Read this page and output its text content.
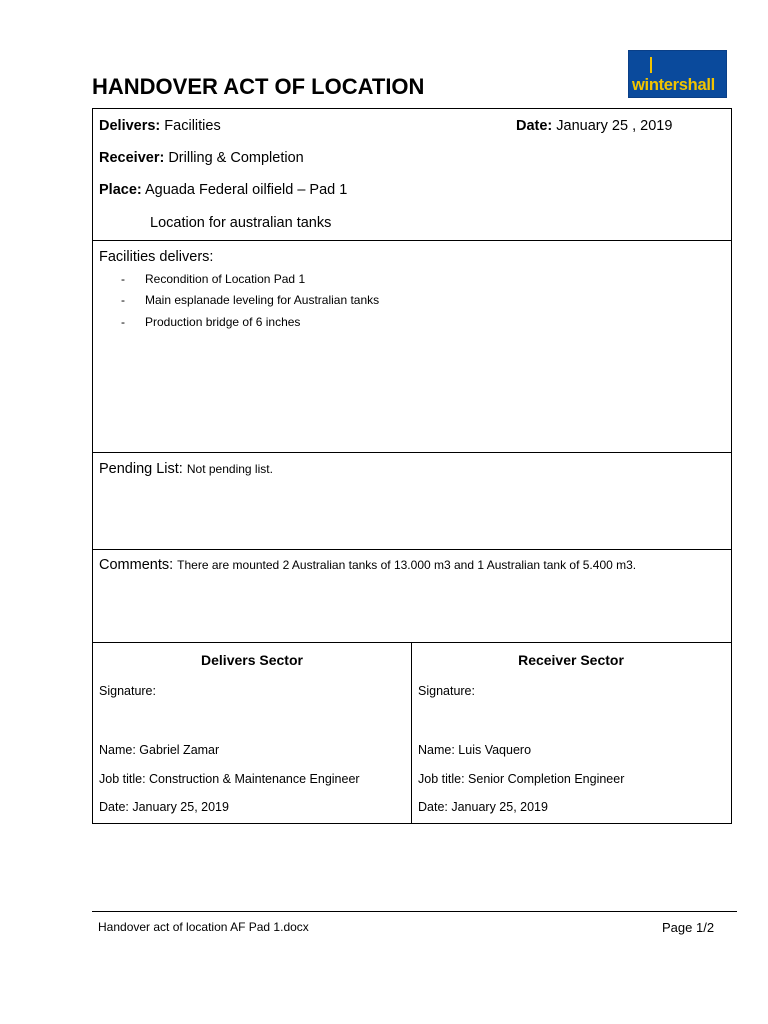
wintershall
HANDOVER ACT OF LOCATION
Delivers: Facilities	Date: January 25 , 2019
Receiver: Drilling & Completion
Place: Aguada Federal oilfield – Pad 1
Location for australian tanks
Facilities delivers:
- Recondition of Location Pad 1
- Main esplanade leveling for Australian tanks
- Production bridge of 6 inches
Pending List: Not pending list.
Comments: There are mounted 2 Australian tanks of 13.000 m3 and 1 Australian tank of 5.400 m3.
Delivers Sector
Signature:
Name: Gabriel Zamar
Job title: Construction & Maintenance Engineer
Date: January 25, 2019
Receiver Sector
Signature:
Name: Luis Vaquero
Job title: Senior Completion Engineer
Date: January 25, 2019
Handover act of location AF Pad 1.docx	Page 1/2
